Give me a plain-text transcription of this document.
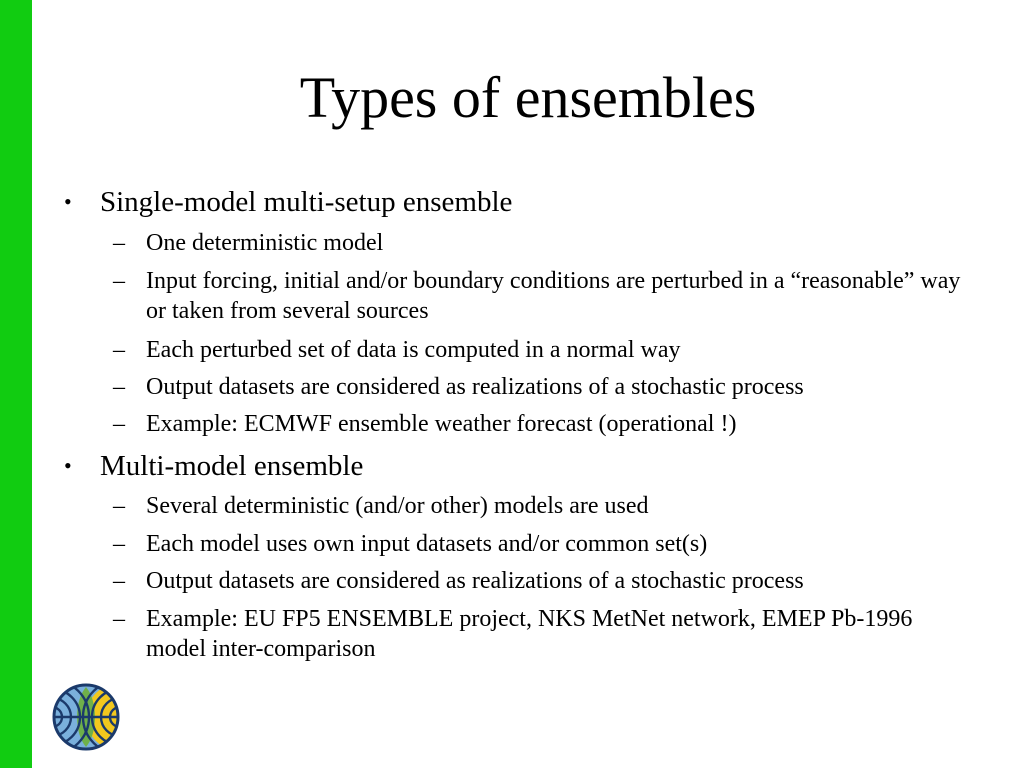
Types of ensembles
• Single-model multi-setup ensemble
– One deterministic model
– Input forcing, initial and/or boundary conditions are perturbed in a “reasonable” way or taken from several sources
– Each perturbed set of data is computed in a normal way
– Output datasets are considered as realizations of a stochastic process
– Example: ECMWF ensemble weather forecast (operational !)
• Multi-model ensemble
– Several deterministic (and/or other) models are used
– Each model uses own input datasets and/or common set(s)
– Output datasets are considered as realizations of a stochastic process
– Example: EU FP5 ENSEMBLE project, NKS MetNet network, EMEP Pb-1996 model inter-comparison
